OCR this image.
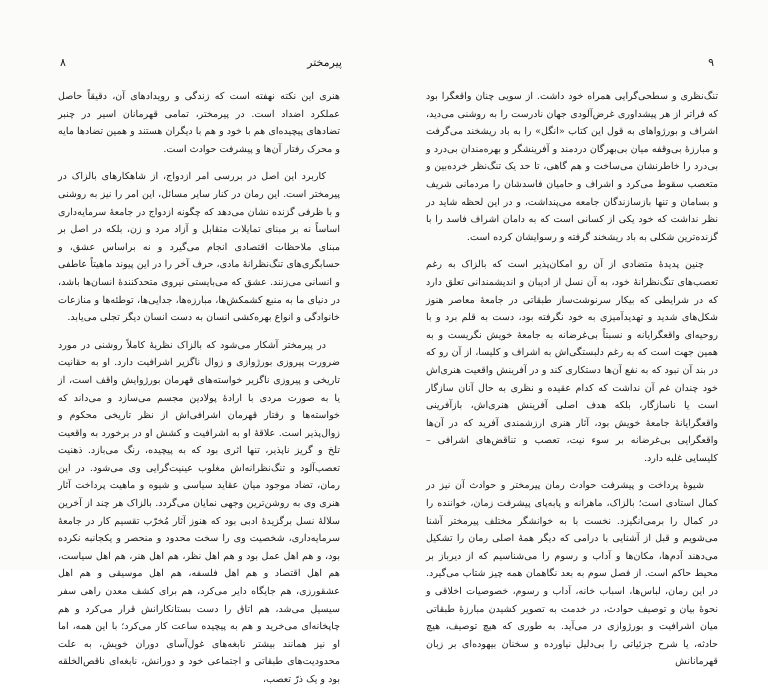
۸	پیرمختر

هنری این نکته نهفته است که زندگی و رویدادهای آن، دقیقاً حاصل عملکرد اضداد است. در پیرمختر، تمامی قهرمانان اسیر در چنبر تضادهای پیچیده‌ای هم با خود و هم با دیگران هستند و همین تضادها مایه و محرک رفتار آن‌ها و پیشرفت حوادث است.

کاربرد این اصل در بررسی امر ازدواج، از شاهکارهای بالزاک در پیرمختر است. این رمان در کنار سایر مسائل، این امر را نیز به روشنی و با ظرفی گزنده نشان می‌دهد که چگونه ازدواج در جامعهٔ سرمایه‌داری اساساً نه بر مبنای تمایلات متقابل و آزاد مرد و زن، بلکه در اصل بر مبنای ملاحظات اقتصادی انجام می‌گیرد و نه براساس عشق، و حسابگری‌های تنگ‌نظرانهٔ مادی، حرف آخر را در این پیوند ماهیتاً عاطفی و انسانی می‌زنند. عشق که می‌بایستی نیروی متحدکنندهٔ انسان‌ها باشد، در دنیای ما به منبع کشمکش‌ها، مبارزه‌ها، جدایی‌ها، توطئه‌ها و منازعات خانوادگی و انواع بهره‌کشی انسان به دست انسان دیگر تجلی می‌یابد.

در پیرمختر آشکار می‌شود که بالزاک نظریهٔ کاملاً روشنی در مورد ضرورت پیروزی بورژوازی و زوال ناگزیر اشرافیت دارد. او به حقانیت تاریخی و پیروزی ناگزیر خواسته‌های قهرمان بورژوایش واقف است، از یا به صورت مردی با ارادهٔ پولادین مجسم می‌سازد و می‌داند که خواسته‌ها و رفتار قهرمان اشرافی‌اش از نظر تاریخی محکوم و زوال‌پذیر است. علاقهٔ او به اشرافیت و کشش او در برخورد به واقعیت تلخ و گریز ناپذیر، تنها اثری بود که به پیچیده، رنگ می‌بازد. ذهنیت تعصب‌آلود و تنگ‌نظرانه‌اش مغلوب عینیت‌گرایی وی می‌شود. در این رمان، تضاد موجود میان عقاید سیاسی و شیوه و ماهیت پرداخت آثار هنری وی به روشن‌ترین وجهی نمایان می‌گردد. بالزاک هر چند از آخرین سلالهٔ نسل برگزیدهٔ ادبی بود که هنوز آثار مُخرّب تقسیم کار در جامعهٔ سرمایه‌داری، شخصیت وی را سخت محدود و منحصر و یکجانبه نکرده بود، و هم اهل عمل بود و هم اهل نظر، هم اهل هنر، هم اهل سیاست، هم اهل اقتصاد و هم اهل فلسفه، هم اهل موسیقی و هم اهل عشقورزی، هم جایگاه دایر می‌کرد، هم برای کشف معدن راهی سفر سیسیل می‌شد، هم اتاق را دست بستانکارانش قرار می‌کرد و هم چاپخانه‌ای می‌خرید و هم به پیچیده ساعت کار می‌کرد؛ با این همه، اما او نیز همانند بیشتر نابغه‌های غول‌آسای دوران خویش، به علت محدودیت‌های طبقاتی و اجتماعی خود و دورانش، نابغه‌ای ناقص‌الخلقه بود و یک ذرّ تعصب،

۹

تنگ‌نظری و سطحی‌گرایی همراه خود داشت. از سویی چنان واقعگرا بود که فراتر از هر پیشداوری غرض‌آلودی جهان نادرست را به روشنی می‌دید، اشراف و بورژواهای به قول این کتاب «انگل» را به باد ریشخند می‌گرفت و مبارزهٔ بی‌وقفه میان بی‌بهرگان دردمند و آفرینشگر و بهره‌مندان بی‌درد و بی‌درد را خاطرنشان می‌ساخت و هم گاهی، تا حد یک تنگ‌نظر خرده‌بین و متعصب سقوط می‌کرد و اشراف و حامیان فاسدشان را مردمانی شریف و بسامان و تنها بازسازندگان جامعه می‌پنداشت، و در این لحظه شاید در نظر نداشت که خود یکی از کسانی است که به دامان اشراف فاسد را با گزنده‌ترین شکلی به باد ریشخند گرفته و رسوایشان کرده است.

چنین پدیدهٔ متضادی از آن رو امکان‌پذیر است که بالزاک به رغم تعصب‌های تنگ‌نظرانهٔ خود، به آن نسل از ادیبان و اندیشمندانی تعلق دارد که در شرایطی که بیکار سرنوشت‌ساز طبقاتی در جامعهٔ معاصر هنوز شکل‌های شدید و تهدیدآمیزی به خود نگرفته بود، دست به قلم برد و با روحیه‌ای واقعگرایانه و نسبتاً بی‌غرضانه به جامعهٔ خویش نگریست و به همین جهت است که به رغم دلبستگی‌اش به اشراف و کلیسا، از آن رو که در بند آن نبود که به نفع آن‌ها دستکاری کند و در آفرینش واقعیت هنری‌اش خود چندان غم آن نداشت که کدام عقیده و نظری به حال آنان سازگار است یا ناسازگار، بلکه هدف اصلی آفرینش هنری‌اش، بازآفرینی واقعگرایانهٔ جامعهٔ خویش بود، آثار هنری ارزشمندی آفرید که در آن‌ها واقعگرایی بی‌غرضانه بر سوء نیت، تعصب و تناقض‌های اشرافی – کلیسایی غلبه دارد.

شیوهٔ پرداخت و پیشرفت حوادث رمان پیرمختر و حوادث آن نیز در کمال استادی است؛ بالزاک، ماهرانه و پابه‌پای پیشرفت زمان، خواننده را در کمال را برمی‌انگیزد. نخست با به خوانشگر مختلف پیرمختر آشنا می‌شویم و قبل از آشنایی با درامی که دیگر همهٔ اصلی رمان را تشکیل می‌دهند آدم‌ها، مکان‌ها و آداب و رسوم را می‌شناسیم که از دیرباز بر محیط حاکم است. از فصل سوم به بعد نگاهمان همه چیز شتاب می‌گیرد. در این رمان، لباس‌ها، اسباب خانه، آداب و رسوم، خصوصیات اخلاقی و نحوهٔ بیان و توصیف حوادث، در خدمت به تصویر کشیدن مبارزهٔ طبقاتی میان اشرافیت و بورژوازی در می‌آید. به طوری که هیچ توصیف، هیچ حادثه، یا شرح جزئیاتی را بی‌دلیل نیاورده و سخنان بیهوده‌ای بر زبان قهرمانانش
